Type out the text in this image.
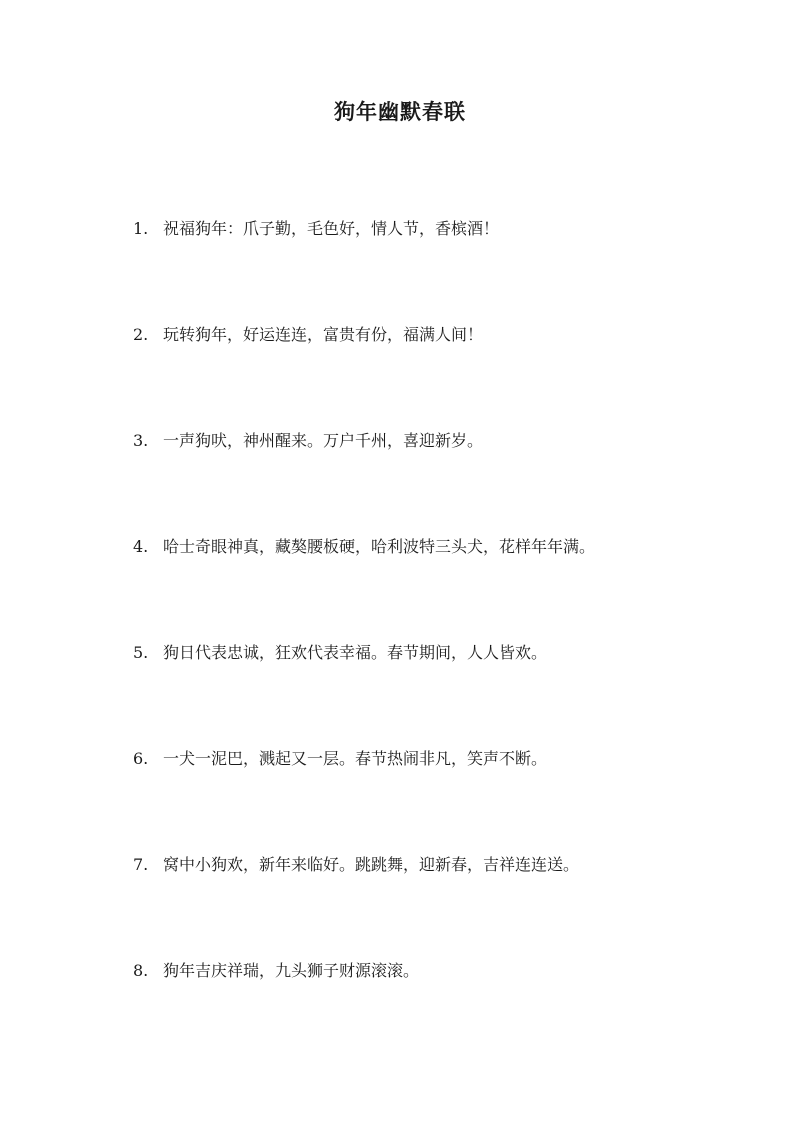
狗年幽默春联
1. 祝福狗年：爪子勤，毛色好，情人节，香槟酒！
2. 玩转狗年，好运连连，富贵有份，福满人间！
3. 一声狗吠，神州醒来。万户千州，喜迎新岁。
4. 哈士奇眼神真，藏獒腰板硬，哈利波特三头犬，花样年年满。
5. 狗日代表忠诚，狂欢代表幸福。春节期间，人人皆欢。
6. 一犬一泥巴，溅起又一层。春节热闹非凡，笑声不断。
7. 窝中小狗欢，新年来临好。跳跳舞，迎新春，吉祥连连送。
8. 狗年吉庆祥瑞，九头狮子财源滚滚。
